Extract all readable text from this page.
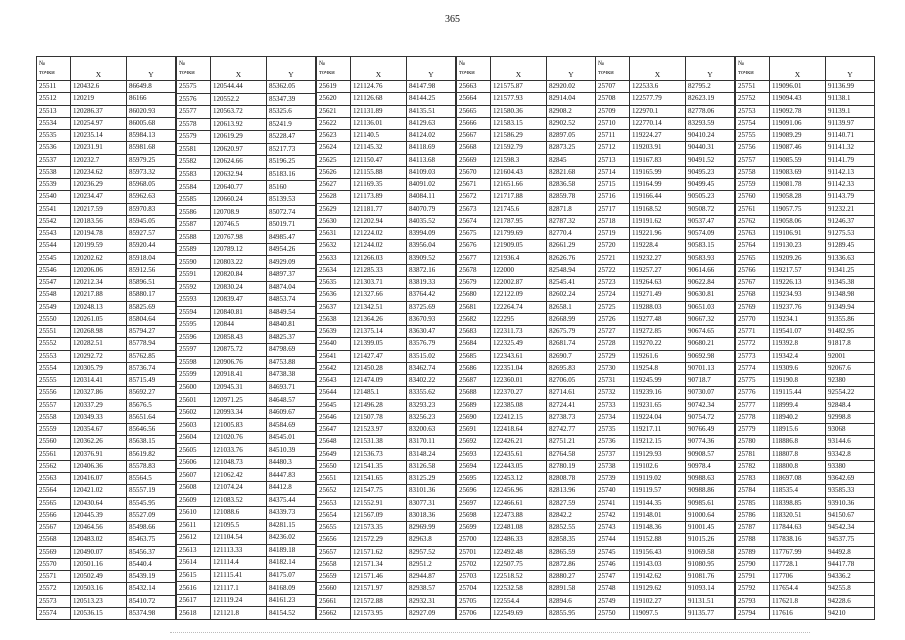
365
№
точки	X	Y
25511	120432.6	86649.8
25512	120219	86166
25513	120286.37	86020.93
25534	120254.97	86005.68
25535	120235.14	85984.13
25536	120231.91	85981.68
25537	120232.7	85979.25
25538	120234.62	85973.32
25539	120236.29	85968.05
25540	120234.47	85962.63
25541	120217.59	85970.83
25542	120183.56	85945.05
25543	120194.78	85927.57
25544	120199.59	85920.44
25545	120202.62	85918.04
25546	120206.06	85912.56
25547	120212.34	85896.51
25548	120217.88	85880.17
25549	120248.13	85825.69
25550	120261.05	85804.64
25551	120268.98	85794.27
25552	120282.51	85778.94
25553	120292.72	85762.85
25554	120305.79	85736.74
25555	120314.41	85715.49
25556	120327.86	85692.27
25557	120337.29	85676.5
25558	120349.33	85651.64
25559	120354.67	85646.56
25560	120362.26	85638.15
25561	120376.91	85619.82
25562	120406.36	85578.83
25563	120416.07	85564.5
25564	120421.02	85557.19
25565	120430.64	85545.95
25566	120445.39	85527.09
25567	120464.56	85498.66
25568	120483.02	85463.75
25569	120490.07	85456.37
25570	120501.16	85440.4
25571	120502.49	85439.19
25572	120503.16	85432.14
25573	120513.23	85410.72
25574	120536.15	85374.98
№
точки	X	Y
25575	120544.44	85362.05
25576	120552.2	85347.39
25577	120563.72	85325.6
25578	120613.92	85241.9
25579	120619.29	85228.47
25581	120620.97	85217.73
25582	120624.66	85196.25
25583	120632.94	85183.16
25584	120640.77	85160
25585	120660.24	85139.53
25586	120708.9	85072.74
25587	120746.5	85019.71
25588	120767.98	84985.47
25589	120789.12	84954.26
25590	120803.22	84929.09
25591	120820.84	84897.37
25592	120830.24	84874.04
25593	120839.47	84853.74
25594	120840.81	84849.54
25595	120844	84840.81
25596	120858.43	84825.37
25597	120875.72	84798.69
25598	120906.76	84753.88
25599	120918.41	84738.38
25600	120945.31	84693.71
25601	120971.25	84648.57
25602	120993.34	84609.67
25603	121005.83	84584.69
25604	121020.76	84545.01
25605	121033.76	84510.39
25606	121048.73	84480.3
25607	121062.42	84447.83
25608	121074.24	84412.8
25609	121083.52	84375.44
25610	121088.6	84339.73
25611	121095.5	84281.15
25612	121104.54	84236.02
25613	121113.33	84189.18
25614	121114.4	84182.14
25615	121115.41	84175.07
25616	121117.1	84168.09
25617	121119.24	84161.23
25618	121121.8	84154.52
№
точки	X	Y
25619	121124.76	84147.98
25620	121126.68	84144.25
25621	121131.89	84135.51
25622	121136.01	84129.63
25623	121140.5	84124.02
25624	121145.32	84118.69
25625	121150.47	84113.68
25626	121155.88	84109.03
25627	121169.35	84091.02
25628	121173.89	84084.11
25629	121181.77	84070.79
25630	121202.94	84035.52
25631	121224.02	83994.09
25632	121244.02	83956.04
25633	121266.03	83909.52
25634	121285.33	83872.16
25635	121303.71	83819.33
25636	121327.66	83764.42
25637	121342.51	83725.69
25638	121364.26	83670.93
25639	121375.14	83630.47
25640	121399.05	83576.79
25641	121427.47	83515.02
25642	121450.28	83462.74
25643	121474.09	83402.22
25644	121485.1	83355.62
25645	121496.28	83293.23
25646	121507.78	83256.23
25647	121523.97	83200.63
25648	121531.38	83170.11
25649	121536.73	83148.24
25650	121541.35	83126.58
25651	121541.65	83125.29
25652	121547.75	83101.36
25653	121552.91	83077.31
25654	121567.09	83018.36
25655	121573.35	82969.99
25656	121572.29	82963.8
25657	121571.62	82957.52
25658	121571.34	82951.2
25659	121571.46	82944.87
25660	121571.97	82938.57
25661	121572.88	82932.31
25662	121573.95	82927.09
№
точки	X	Y
25663	121575.87	82920.02
25664	121577.93	82914.04
25665	121580.36	82908.2
25666	121583.15	82902.52
25667	121586.29	82897.05
25668	121592.79	82873.25
25669	121598.3	82845
25670	121604.43	82821.68
25671	121651.66	82836.58
25672	121717.88	82859.78
25673	121745.6	82871.8
25674	121787.95	82787.32
25675	121799.69	82770.4
25676	121909.05	82661.29
25677	121936.4	82626.76
25678	122000	82548.94
25679	122002.87	82545.41
25680	122122.09	82602.24
25681	122264.74	82658.1
25682	122295	82668.99
25683	122311.73	82675.79
25684	122325.49	82681.74
25685	122343.61	82690.7
25686	122351.04	82695.83
25687	122360.01	82706.05
25688	122370.27	82714.61
25689	122385.08	82724.41
25690	122412.15	82738.73
25691	122418.64	82742.77
25692	122426.21	82751.21
25693	122435.61	82764.58
25694	122443.05	82780.19
25695	122453.12	82808.78
25696	122456.96	82813.96
25697	122466.61	82827.59
25698	122473.88	82842.2
25699	122481.08	82852.55
25700	122486.33	82858.35
25701	122492.48	82865.59
25702	122507.75	82872.86
25703	122518.52	82880.27
25704	122532.58	82891.58
25705	122554.4	82894.6
25706	122549.69	82855.95
№
точки	X	Y
25707	122533.6	82795.2
25708	122577.79	82623.19
25709	122970.1	82778.06
25710	122770.14	83293.59
25711	119224.27	90410.24
25712	119203.91	90440.31
25713	119167.83	90491.52
25714	119165.99	90495.23
25715	119164.99	90499.45
25716	119166.44	90505.23
25717	119168.52	90508.72
25718	119191.62	90537.47
25719	119221.96	90574.09
25720	119228.4	90583.15
25721	119232.27	90583.93
25722	119257.27	90614.66
25723	119264.63	90622.84
25724	119271.49	90630.81
25725	119288.03	90651.03
25726	119277.48	90667.32
25727	119272.85	90674.65
25728	119270.22	90680.21
25729	119261.6	90692.98
25730	119254.8	90701.13
25731	119245.99	90718.7
25732	119239.16	90730.07
25733	119231.65	90742.34
25734	119224.04	90754.72
25735	119217.11	90766.49
25736	119212.15	90774.36
25737	119129.93	90908.57
25738	119102.6	90978.4
25739	119119.02	90988.63
25740	119119.57	90988.86
25741	119144.35	90985.61
25742	119148.01	91000.64
25743	119148.36	91001.45
25744	119152.88	91015.26
25745	119156.43	91069.58
25746	119143.03	91080.95
25747	119142.62	91081.76
25748	119129.62	91093.14
25749	119102.27	91131.51
25750	119097.5	91135.77
№
точки	X	Y
25751	119096.01	91136.99
25752	119094.43	91138.1
25753	119092.78	91139.1
25754	119091.06	91139.97
25755	119089.29	91140.71
25756	119087.46	91141.32
25757	119085.59	91141.79
25758	119083.69	91142.13
25759	119081.78	91142.33
25760	119058.28	91143.79
25761	119057.75	91232.21
25762	119058.06	91246.37
25763	119106.91	91275.53
25764	119130.23	91289.45
25765	119209.26	91336.63
25766	119217.57	91341.25
25767	119226.13	91345.38
25768	119234.93	91348.98
25769	119237.76	91349.94
25770	119234.1	91355.86
25771	119541.07	91482.95
25772	119392.8	91817.8
25773	119342.4	92001
25774	119309.6	92067.6
25775	119190.8	92380
25776	119115.44	92554.22
25777	118999.4	92848.4
25778	118940.2	92998.8
25779	118915.6	93068
25780	118886.8	93144.6
25781	118807.8	93342.8
25782	118800.8	93380
25783	118697.08	93642.69
25784	118535.4	93585.33
25785	118398.85	93910.36
25786	118320.51	94150.67
25787	117844.63	94542.34
25788	117838.16	94537.75
25789	117767.99	94492.8
25790	117728.1	94417.78
25791	117706	94336.2
25792	117654.4	94255.8
25793	117621.8	94228.6
25794	117616	94210
